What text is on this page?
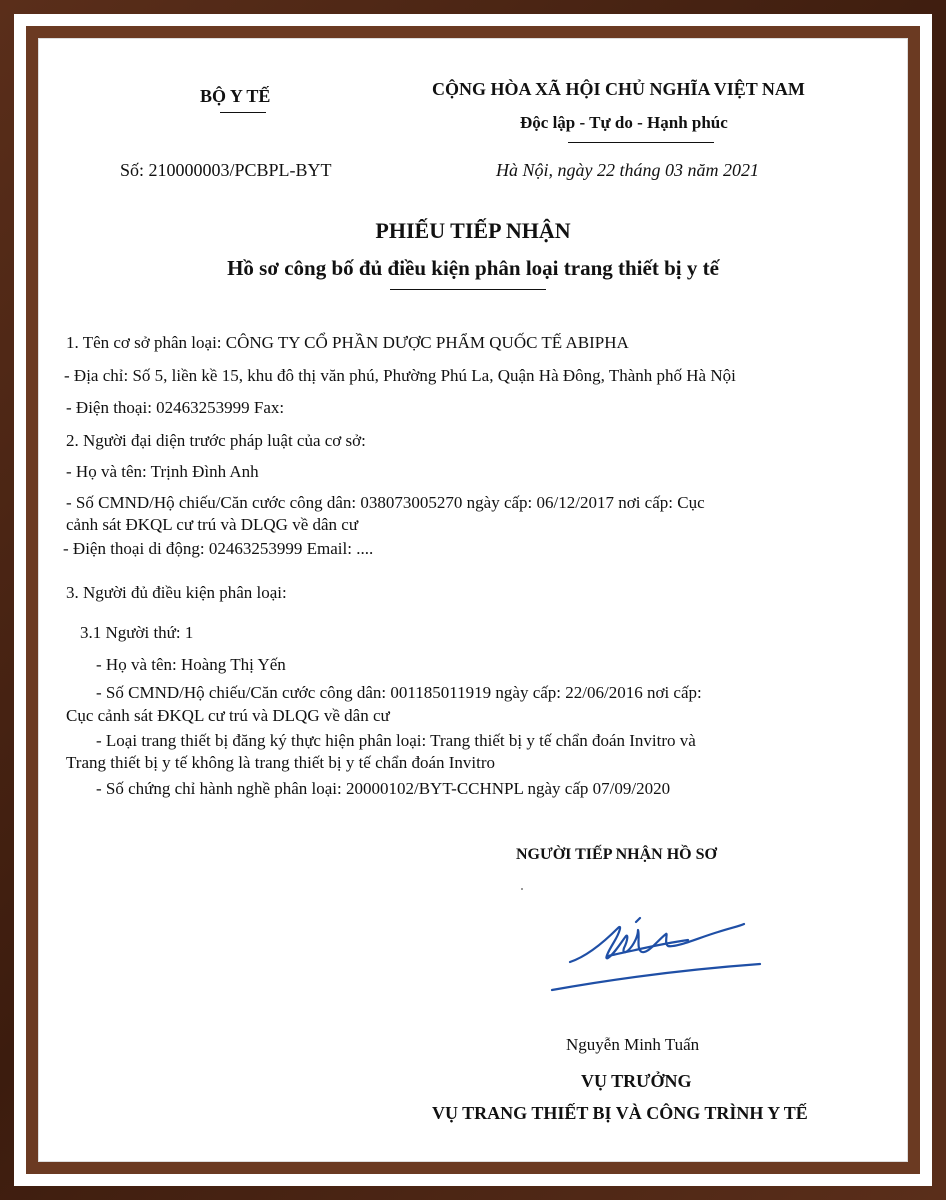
BỘ Y TẾ	CỘNG HÒA XÃ HỘI CHỦ NGHĨA VIỆT NAM
Độc lập - Tự do - Hạnh phúc
Số: 210000003/PCBPL-BYT	Hà Nội, ngày 22 tháng 03 năm 2021
PHIẾU TIẾP NHẬN
Hồ sơ công bố đủ điều kiện phân loại trang thiết bị y tế
1. Tên cơ sở phân loại: CÔNG TY CỔ PHẦN DƯỢC PHẨM QUỐC TẾ ABIPHA
- Địa chỉ: Số 5, liền kề 15, khu đô thị văn phú, Phường Phú La, Quận Hà Đông, Thành phố Hà Nội
- Điện thoại: 02463253999 Fax:
2. Người đại diện trước pháp luật của cơ sở:
- Họ và tên: Trịnh Đình Anh
- Số CMND/Hộ chiếu/Căn cước công dân: 038073005270 ngày cấp: 06/12/2017 nơi cấp: Cục
cảnh sát ĐKQL cư trú và DLQG về dân cư
- Điện thoại di động: 02463253999 Email: ....
3. Người đủ điều kiện phân loại:
3.1 Người thứ: 1
- Họ và tên: Hoàng Thị Yến
- Số CMND/Hộ chiếu/Căn cước công dân: 001185011919 ngày cấp: 22/06/2016 nơi cấp:
Cục cảnh sát ĐKQL cư trú và DLQG về dân cư
- Loại trang thiết bị đăng ký thực hiện phân loại: Trang thiết bị y tế chẩn đoán Invitro và
Trang thiết bị y tế không là trang thiết bị y tế chẩn đoán Invitro
- Số chứng chỉ hành nghề phân loại: 20000102/BYT-CCHNPL ngày cấp 07/09/2020
NGƯỜI TIẾP NHẬN HỒ SƠ
Nguyễn Minh Tuấn
VỤ TRƯỞNG
VỤ TRANG THIẾT BỊ VÀ CÔNG TRÌNH Y TẾ
